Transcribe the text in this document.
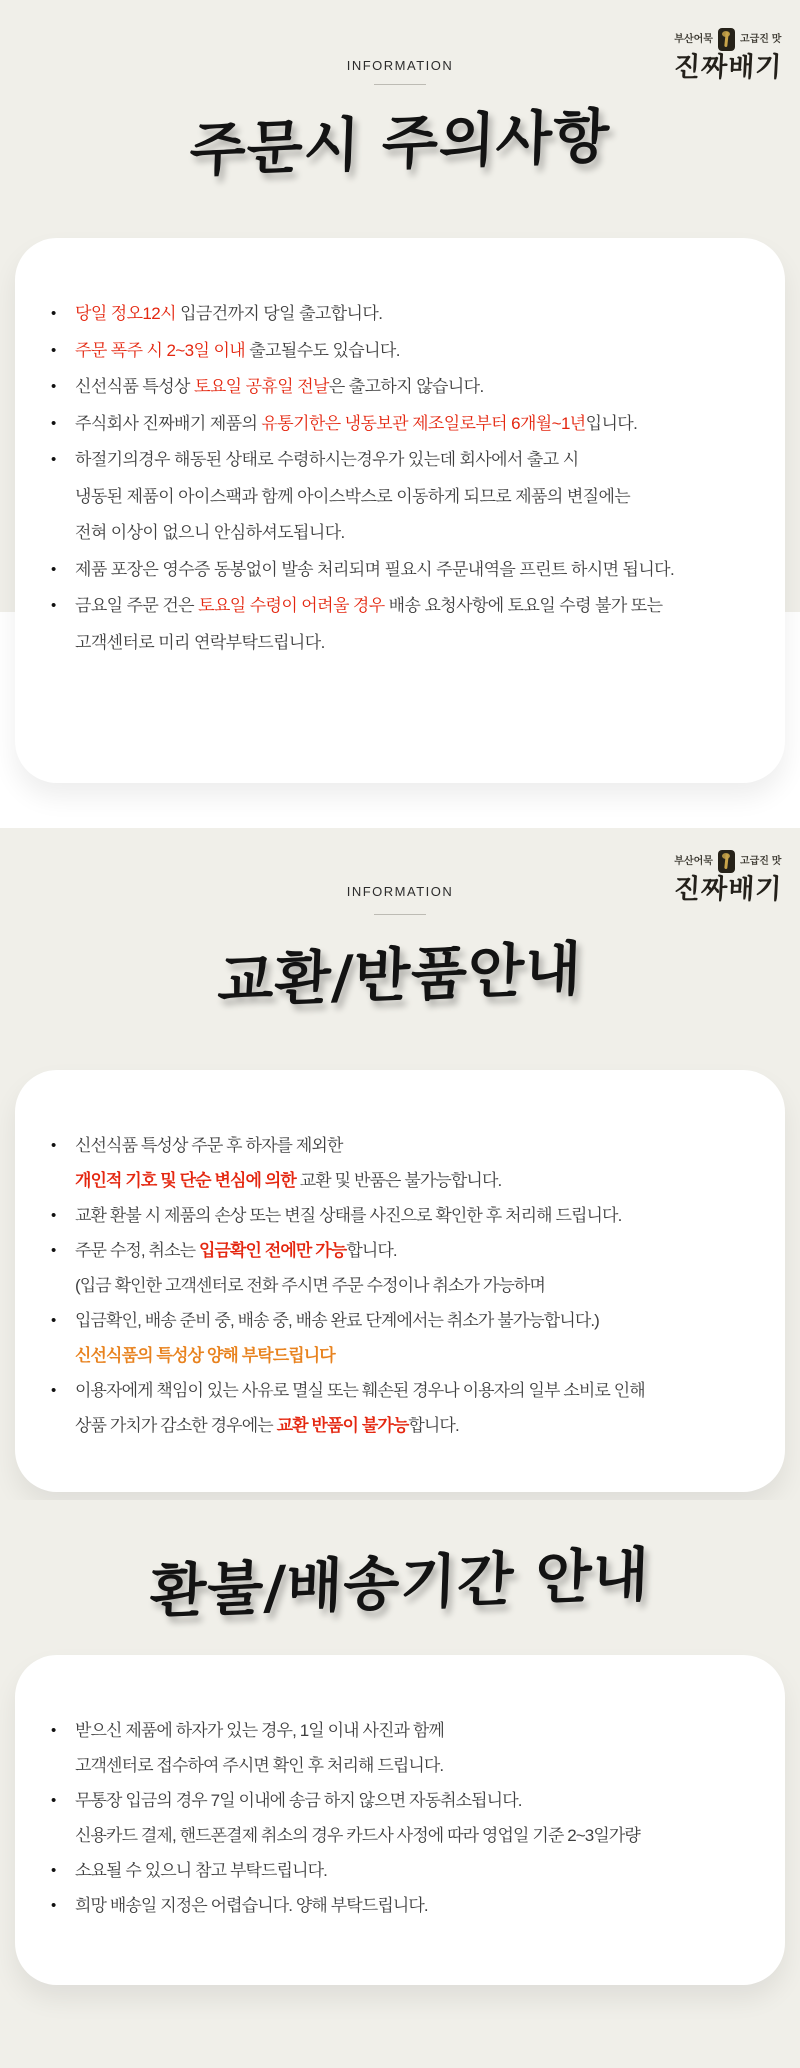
부산어묵	고급진 맛
진짜배기
INFORMATION
주문시 주의사항
• 당일 정오12시 입금건까지 당일 출고합니다.
• 주문 폭주 시 2~3일 이내 출고될수도 있습니다.
• 신선식품 특성상 토요일 공휴일 전날은 출고하지 않습니다.
• 주식회사 진짜배기 제품의 유통기한은 냉동보관 제조일로부터 6개월~1년입니다.
• 하절기의경우 해동된 상태로 수령하시는경우가 있는데 회사에서 출고 시
냉동된 제품이 아이스팩과 함께 아이스박스로 이동하게 되므로 제품의 변질에는
전혀 이상이 없으니 안심하셔도됩니다.
• 제품 포장은 영수증 동봉없이 발송 처리되며 필요시 주문내역을 프린트 하시면 됩니다.
• 금요일 주문 건은 토요일 수령이 어려울 경우 배송 요청사항에 토요일 수령 불가 또는
고객센터로 미리 연락부탁드립니다.
부산어묵	고급진 맛
진짜배기
INFORMATION
교환/반품안내
• 신선식품 특성상 주문 후 하자를 제외한
개인적 기호 및 단순 변심에 의한 교환 및 반품은 불가능합니다.
• 교환 환불 시 제품의 손상 또는 변질 상태를 사진으로 확인한 후 처리해 드립니다.
• 주문 수정, 취소는 입금확인 전에만 가능합니다.
(입금 확인한 고객센터로 전화 주시면 주문 수정이나 취소가 가능하며
• 입금확인, 배송 준비 중, 배송 중, 배송 완료 단계에서는 취소가 불가능합니다.)
신선식품의 특성상 양해 부탁드립니다
• 이용자에게 책임이 있는 사유로 멸실 또는 훼손된 경우나 이용자의 일부 소비로 인해
상품 가치가 감소한 경우에는 교환 반품이 불가능합니다.
환불/배송기간 안내
• 받으신 제품에 하자가 있는 경우, 1일 이내 사진과 함께
고객센터로 접수하여 주시면 확인 후 처리해 드립니다.
• 무통장 입금의 경우 7일 이내에 송금 하지 않으면 자동취소됩니다.
신용카드 결제, 핸드폰결제 취소의 경우 카드사 사정에 따라 영업일 기준 2~3일가량
• 소요될 수 있으니 참고 부탁드립니다.
• 희망 배송일 지정은 어렵습니다. 양해 부탁드립니다.
